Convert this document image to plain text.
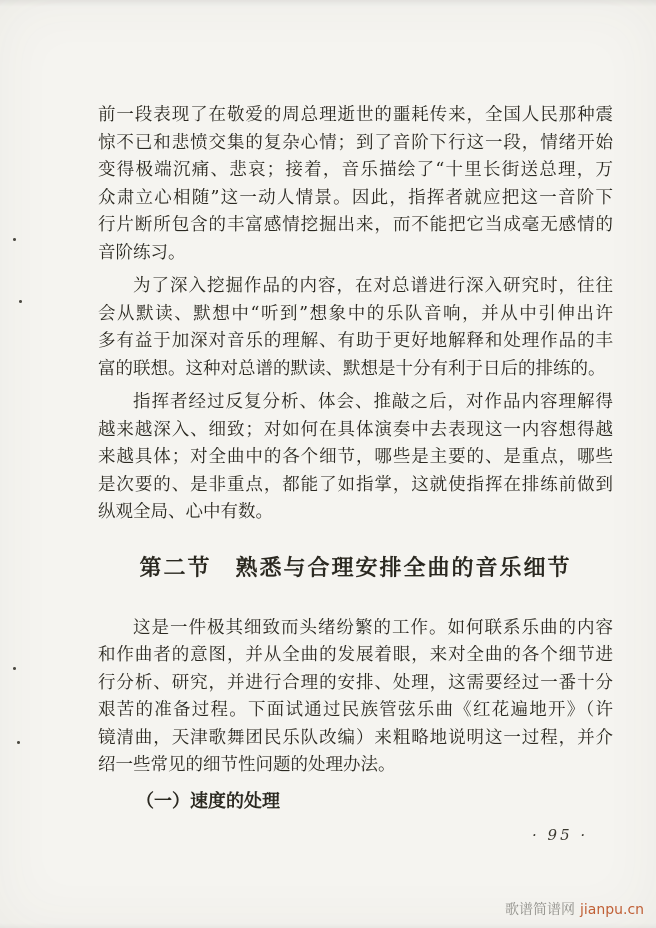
前一段表现了在敬爱的周总理逝世的噩耗传来，全国人民那种震
惊不已和悲愤交集的复杂心情；到了音阶下行这一段，情绪开始
变得极端沉痛、悲哀；接着，音乐描绘了“十里长街送总理，万
众肃立心相随”这一动人情景。因此，指挥者就应把这一音阶下
行片断所包含的丰富感情挖掘出来，而不能把它当成毫无感情的
音阶练习。
为了深入挖掘作品的内容，在对总谱进行深入研究时，往往
会从默读、默想中“听到”想象中的乐队音响，并从中引伸出许
多有益于加深对音乐的理解、有助于更好地解释和处理作品的丰
富的联想。这种对总谱的默读、默想是十分有利于日后的排练的。
指挥者经过反复分析、体会、推敲之后，对作品内容理解得
越来越深入、细致；对如何在具体演奏中去表现这一内容想得越
来越具体；对全曲中的各个细节，哪些是主要的、是重点，哪些
是次要的、是非重点，都能了如指掌，这就使指挥在排练前做到
纵观全局、心中有数。
第二节　熟悉与合理安排全曲的音乐细节
这是一件极其细致而头绪纷繁的工作。如何联系乐曲的内容
和作曲者的意图，并从全曲的发展着眼，来对全曲的各个细节进
行分析、研究，并进行合理的安排、处理，这需要经过一番十分
艰苦的准备过程。下面试通过民族管弦乐曲《红花遍地开》（许
镜清曲，天津歌舞团民乐队改编）来粗略地说明这一过程，并介
绍一些常见的细节性问题的处理办法。
（一）速度的处理
· 95 ·
歌谱简谱网 jianpu.cn
